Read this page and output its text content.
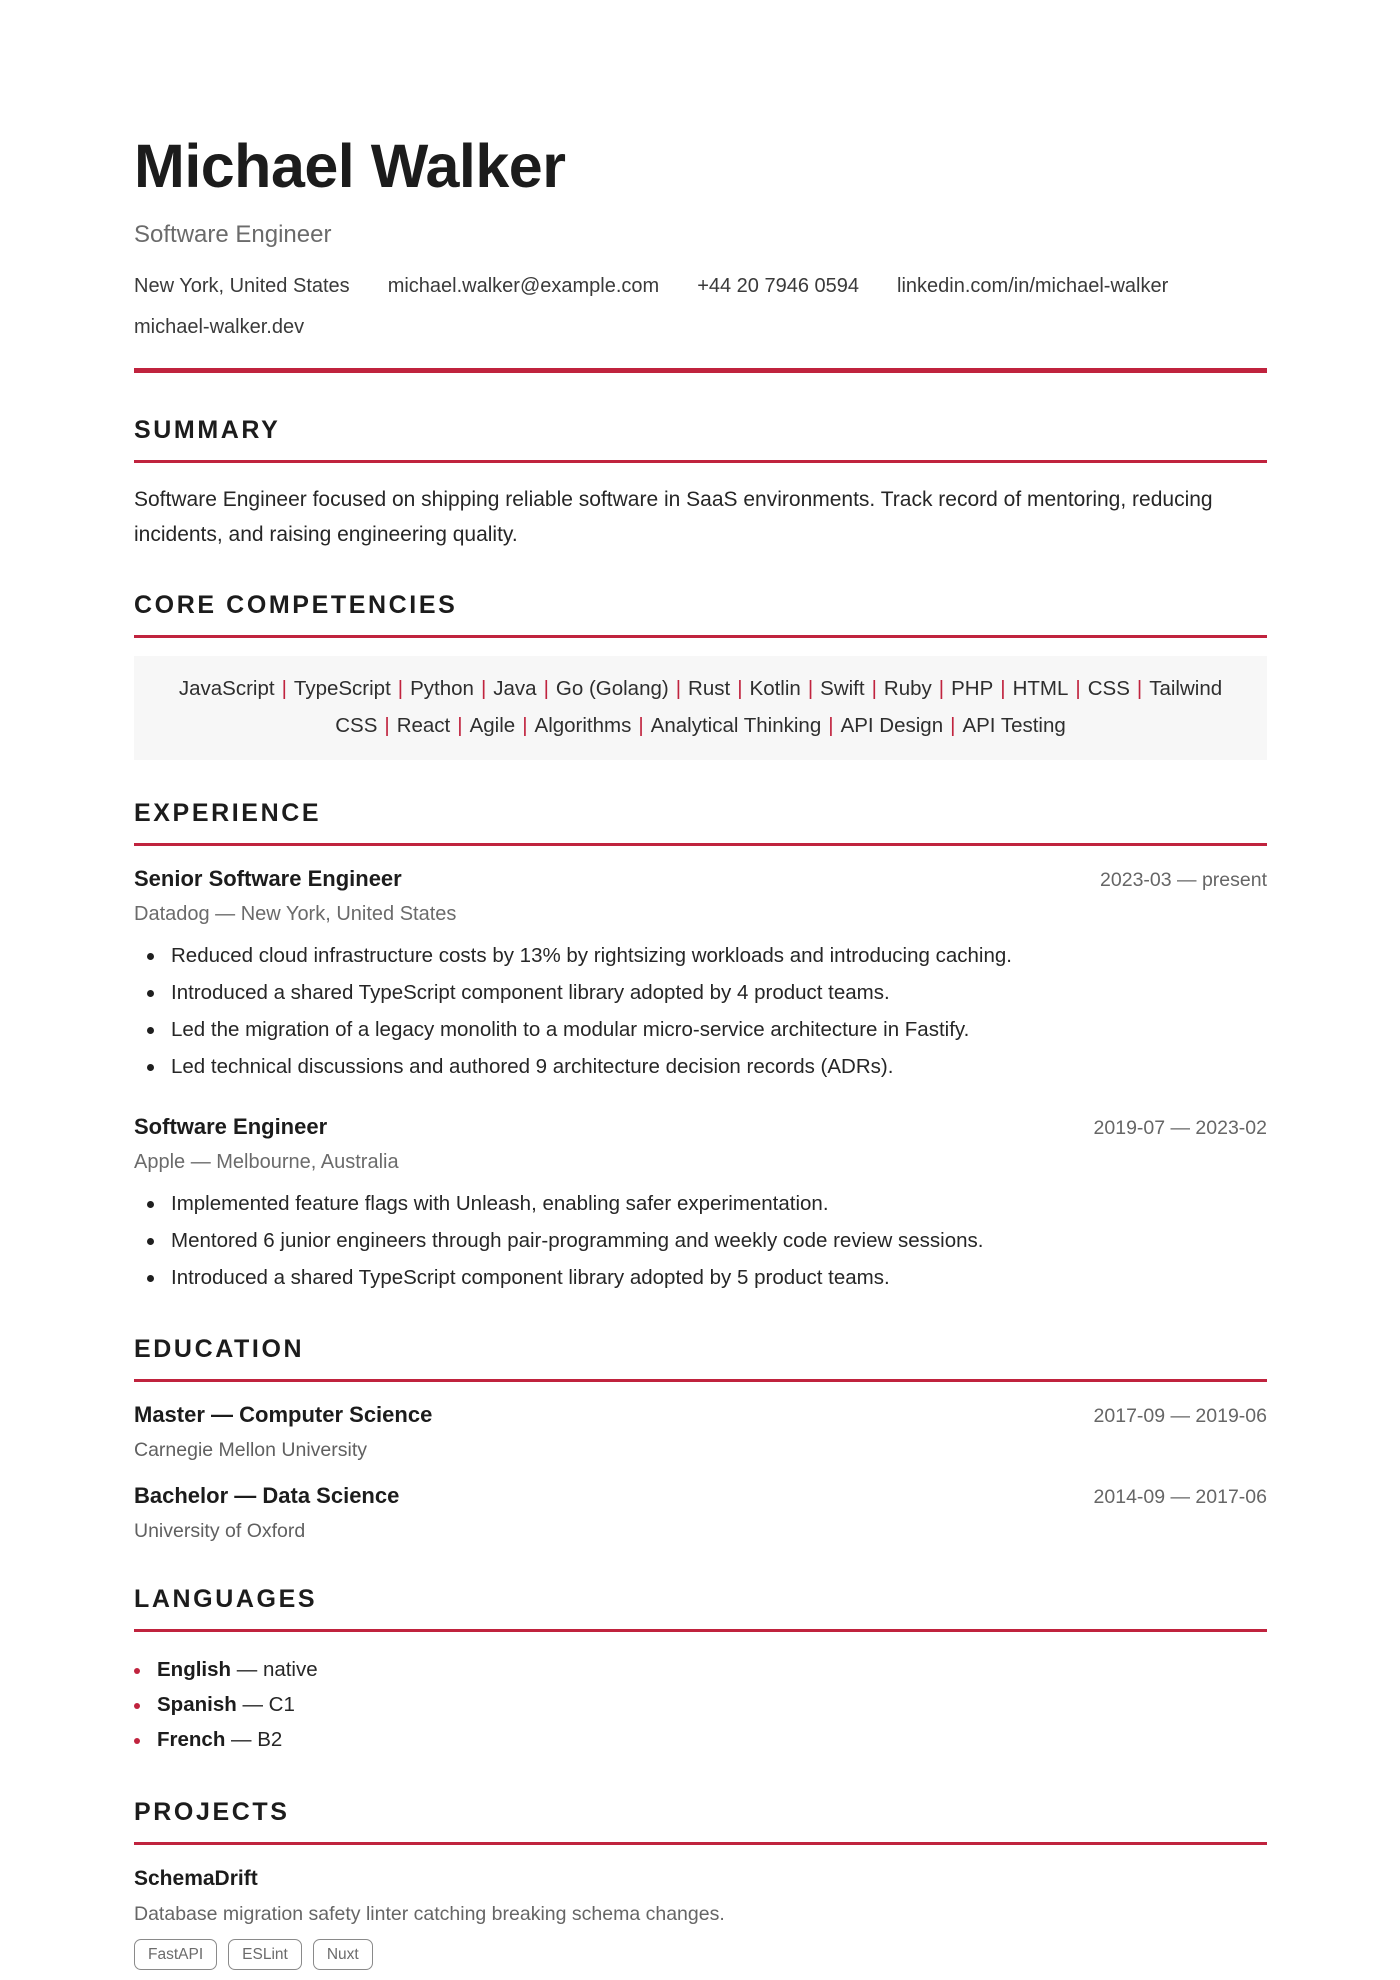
Michael Walker
Software Engineer
New York, United States michael.walker@example.com +44 20 7946 0594 linkedin.com/in/michael-walker
michael-walker.dev
SUMMARY

Software Engineer focused on shipping reliable software in SaaS environments. Track record of mentoring, reducing incidents, and raising engineering quality.

CORE COMPETENCIES
JavaScript | TypeScript | Python | Java | Go (Golang) | Rust | Kotlin | Swift | Ruby | PHP | HTML | CSS | Tailwind CSS | React | Agile | Algorithms | Analytical Thinking | API Design | API Testing
EXPERIENCE
Senior Software Engineer	2023-03 — present
Datadog — New York, United States
Reduced cloud infrastructure costs by 13% by rightsizing workloads and introducing caching.
Introduced a shared TypeScript component library adopted by 4 product teams.
Led the migration of a legacy monolith to a modular micro-service architecture in Fastify.
Led technical discussions and authored 9 architecture decision records (ADRs).
Software Engineer	2019-07 — 2023-02
Apple — Melbourne, Australia
Implemented feature flags with Unleash, enabling safer experimentation.
Mentored 6 junior engineers through pair-programming and weekly code review sessions.
Introduced a shared TypeScript component library adopted by 5 product teams.
EDUCATION
Master — Computer Science	2017-09 — 2019-06
Carnegie Mellon University
Bachelor — Data Science	2014-09 — 2017-06
University of Oxford
LANGUAGES
English — native
Spanish — C1
French — B2
PROJECTS
SchemaDrift
Database migration safety linter catching breaking schema changes.
FastAPI	ESLint	Nuxt
